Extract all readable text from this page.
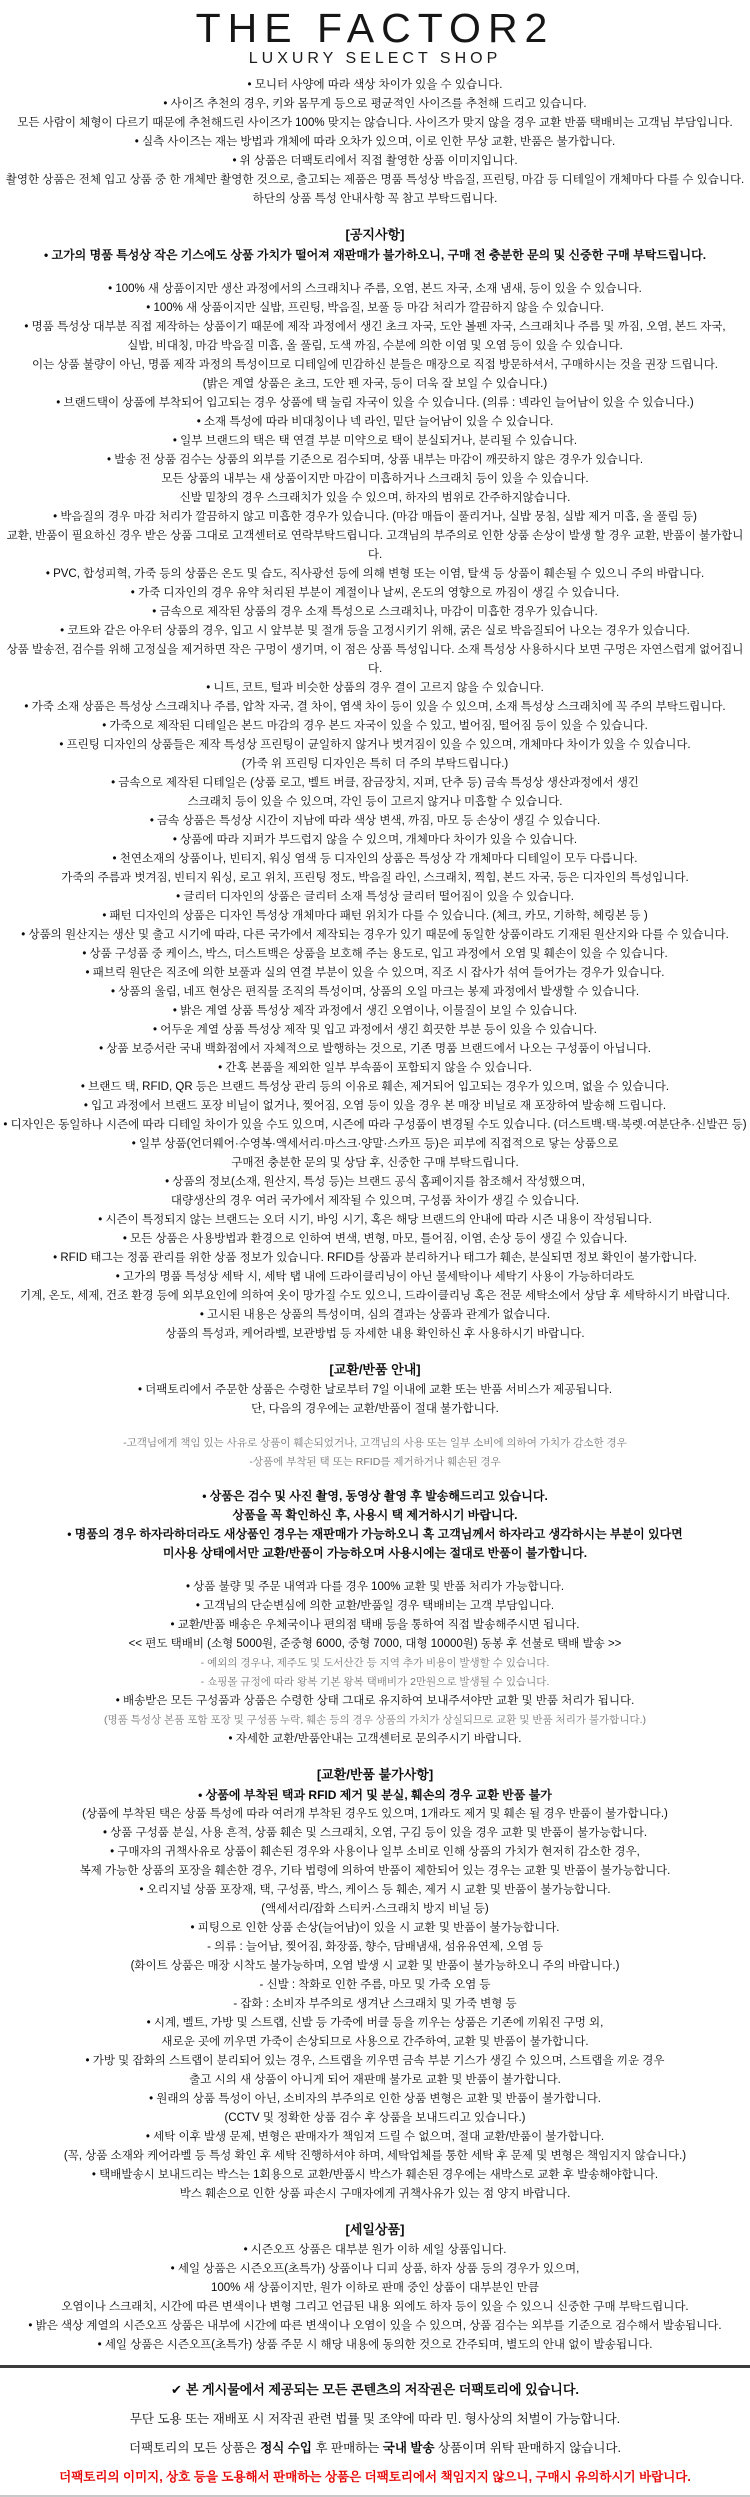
THE FACTOR2
LUXURY SELECT SHOP
• 모니터 사양에 따라 색상 차이가 있을 수 있습니다.
• 사이즈 추천의 경우, 키와 몸무게 등으로 평균적인 사이즈를 추천해 드리고 있습니다.
모든 사람이 체형이 다르기 때문에 추천해드린 사이즈가 100% 맞지는 않습니다. 사이즈가 맞지 않을 경우 교환 반품 택배비는 고객님 부담입니다.
• 실측 사이즈는 재는 방법과 개체에 따라 오차가 있으며, 이로 인한 무상 교환, 반품은 불가합니다.
• 위 상품은 더팩토리에서 직접 촬영한 상품 이미지입니다.
촬영한 상품은 전체 입고 상품 중 한 개체만 촬영한 것으로, 출고되는 제품은 명품 특성상 박음질, 프린팅, 마감 등 디테일이 개체마다 다를 수 있습니다.
하단의 상품 특성 안내사항 꼭 참고 부탁드립니다.
[공지사항]
• 고가의 명품 특성상 작은 기스에도 상품 가치가 떨어져 재판매가 불가하오니, 구매 전 충분한 문의 및 신중한 구매 부탁드립니다.
• 100% 새 상품이지만 생산 과정에서의 스크래치나 주름, 오염, 본드 자국, 소재 냄새, 등이 있을 수 있습니다.
• 100% 새 상품이지만 실밥, 프린팅, 박음질, 보풀 등 마감 처리가 깔끔하지 않을 수 있습니다.
• 명품 특성상 대부분 직접 제작하는 상품이기 때문에 제작 과정에서 생긴 초크 자국, 도안 볼펜 자국, 스크래치나 주름 및 까짐, 오염, 본드 자국,
실밥, 비대칭, 마감 박음질 미흡, 올 풀림, 도색 까짐, 수분에 의한 이염 및 오염 등이 있을 수 있습니다.
이는 상품 불량이 아닌, 명품 제작 과정의 특성이므로 디테일에 민감하신 분들은 매장으로 직접 방문하셔서, 구매하시는 것을 권장 드립니다.
(밝은 계열 상품은 초크, 도안 펜 자국, 등이 더욱 잘 보일 수 있습니다.)
• 브랜드택이 상품에 부착되어 입고되는 경우 상품에 택 눌림 자국이 있을 수 있습니다. (의류 : 넥라인 늘어남이 있을 수 있습니다.)
• 소재 특성에 따라 비대칭이나 넥 라인, 밑단 늘어남이 있을 수 있습니다.
• 일부 브랜드의 택은 택 연결 부분 미약으로 택이 분실되거나, 분리될 수 있습니다.
• 발송 전 상품 검수는 상품의 외부를 기준으로 검수되며, 상품 내부는 마감이 깨끗하지 않은 경우가 있습니다.
모든 상품의 내부는 새 상품이지만 마감이 미흡하거나 스크래치 등이 있을 수 있습니다.
신발 밑창의 경우 스크래치가 있을 수 있으며, 하자의 범위로 간주하지않습니다.
• 박음질의 경우 마감 처리가 깔끔하지 않고 미흡한 경우가 있습니다. (마감 매듭이 풀리거나, 실밥 뭉침, 실밥 제거 미흡, 올 풀림 등)
교환, 반품이 필요하신 경우 받은 상품 그대로 고객센터로 연락부탁드립니다. 고객님의 부주의로 인한 상품 손상이 발생 할 경우 교환, 반품이 불가합니다.
• PVC, 합성피혁, 가죽 등의 상품은 온도 및 습도, 직사광선 등에 의해 변형 또는 이염, 탈색 등 상품이 훼손될 수 있으니 주의 바랍니다.
• 가죽 디자인의 경우 유약 처리된 부분이 계절이나 날씨, 온도의 영향으로 까짐이 생길 수 있습니다.
• 금속으로 제작된 상품의 경우 소재 특성으로 스크래치나, 마감이 미흡한 경우가 있습니다.
• 코트와 같은 아우터 상품의 경우, 입고 시 앞부분 및 절개 등을 고정시키기 위해, 굵은 실로 박음질되어 나오는 경우가 있습니다.
상품 발송전, 검수를 위해 고정실을 제거하면 작은 구멍이 생기며, 이 점은 상품 특성입니다. 소재 특성상 사용하시다 보면 구멍은 자연스럽게 없어집니다.
• 니트, 코트, 털과 비슷한 상품의 경우 결이 고르지 않을 수 있습니다.
• 가죽 소재 상품은 특성상 스크래치나 주름, 압착 자국, 결 차이, 염색 차이 등이 있을 수 있으며, 소재 특성상 스크래치에 꼭 주의 부탁드립니다.
• 가죽으로 제작된 디테일은 본드 마감의 경우 본드 자국이 있을 수 있고, 벌어짐, 떨어짐 등이 있을 수 있습니다.
• 프린팅 디자인의 상품들은 제작 특성상 프린팅이 균일하지 않거나 벗겨짐이 있을 수 있으며, 개체마다 차이가 있을 수 있습니다.
(가죽 위 프린팅 디자인은 특히 더 주의 부탁드립니다.)
• 금속으로 제작된 디테일은 (상품 로고, 벨트 버클, 잠금장치, 지퍼, 단추 등) 금속 특성상 생산과정에서 생긴
스크래치 등이 있을 수 있으며, 각인 등이 고르지 않거나 미흡할 수 있습니다.
• 금속 상품은 특성상 시간이 지남에 따라 색상 변색, 까짐, 마모 등 손상이 생길 수 있습니다.
• 상품에 따라 지퍼가 부드럽지 않을 수 있으며, 개체마다 차이가 있을 수 있습니다.
• 천연소재의 상품이나, 빈티지, 워싱 염색 등 디자인의 상품은 특성상 각 개체마다 디테일이 모두 다릅니다.
가죽의 주름과 벗겨짐, 빈티지 워싱, 로고 위치, 프린팅 정도, 박음질 라인, 스크래치, 찍힘, 본드 자국, 등은 디자인의 특성입니다.
• 글리터 디자인의 상품은 글리터 소재 특성상 글리터 떨어짐이 있을 수 있습니다.
• 패턴 디자인의 상품은 디자인 특성상 개체마다 패턴 위치가 다를 수 있습니다. (체크, 카모, 기하학, 헤링본 등 )
• 상품의 원산지는 생산 및 출고 시기에 따라, 다른 국가에서 제작되는 경우가 있기 때문에 동일한 상품이라도 기재된 원산지와 다를 수 있습니다.
• 상품 구성품 중 케이스, 박스, 더스트백은 상품을 보호해 주는 용도로, 입고 과정에서 오염 및 훼손이 있을 수 있습니다.
• 패브릭 원단은 직조에 의한 보풀과 실의 연결 부분이 있을 수 있으며, 직조 시 잡사가 섞여 들어가는 경우가 있습니다.
• 상품의 울림, 네프 현상은 편직물 조직의 특성이며, 상품의 오일 마크는 봉제 과정에서 발생할 수 있습니다.
• 밝은 계열 상품 특성상 제작 과정에서 생긴 오염이나, 이물질이 보일 수 있습니다.
• 어두운 계열 상품 특성상 제작 및 입고 과정에서 생긴 희끗한 부분 등이 있을 수 있습니다.
• 상품 보증서란 국내 백화점에서 자체적으로 발행하는 것으로, 기존 명품 브랜드에서 나오는 구성품이 아닙니다.
• 간혹 본품을 제외한 일부 부속품이 포함되지 않을 수 있습니다.
• 브랜드 택, RFID, QR 등은 브랜드 특성상 관리 등의 이유로 훼손, 제거되어 입고되는 경우가 있으며, 없을 수 있습니다.
• 입고 과정에서 브랜드 포장 비닐이 없거나, 찢어짐, 오염 등이 있을 경우 본 매장 비닐로 재 포장하여 발송해 드립니다.
• 디자인은 동일하나 시즌에 따라 디테일 차이가 있을 수도 있으며, 시즌에 따라 구성품이 변경될 수도 있습니다. (더스트백·택·북렛·여분단추·신발끈 등)
• 일부 상품(언더웨어·수영복·액세서리·마스크·양말·스카프 등)은 피부에 직접적으로 닿는 상품으로
구매전 충분한 문의 및 상담 후, 신중한 구매 부탁드립니다.
• 상품의 정보(소재, 원산지, 특성 등)는 브랜드 공식 홈페이지를 참조해서 작성했으며,
대량생산의 경우 여러 국가에서 제작될 수 있으며, 구성품 차이가 생길 수 있습니다.
• 시즌이 특정되지 않는 브랜드는 오더 시기, 바잉 시기, 혹은 해당 브랜드의 안내에 따라 시즌 내용이 작성됩니다.
• 모든 상품은 사용방법과 환경으로 인하여 변색, 변형, 마모, 틀어짐, 이염, 손상 등이 생길 수 있습니다.
• RFID 태그는 정품 관리를 위한 상품 정보가 있습니다. RFID를 상품과 분리하거나 태그가 훼손, 분실되면 정보 확인이 불가합니다.
• 고가의 명품 특성상 세탁 시, 세탁 탭 내에 드라이클리닝이 아닌 물세탁이나 세탁기 사용이 가능하더라도
기계, 온도, 세제, 건조 환경 등에 외부요인에 의하여 옷이 망가질 수도 있으니, 드라이클리닝 혹은 전문 세탁소에서 상담 후 세탁하시기 바랍니다.
• 고시된 내용은 상품의 특성이며, 심의 결과는 상품과 관계가 없습니다.
상품의 특성과, 케어라벨, 보관방법 등 자세한 내용 확인하신 후 사용하시기 바랍니다.
[교환/반품 안내]
• 더팩토리에서 주문한 상품은 수령한 날로부터 7일 이내에 교환 또는 반품 서비스가 제공됩니다.
단, 다음의 경우에는 교환/반품이 절대 불가합니다.
-고객님에게 책임 있는 사유로 상품이 훼손되었거나, 고객님의 사용 또는 일부 소비에 의하여 가치가 감소한 경우
-상품에 부착된 택 또는 RFID를 제거하거나 훼손된 경우
• 상품은 검수 및 사진 촬영, 동영상 촬영 후 발송해드리고 있습니다.
상품을 꼭 확인하신 후, 사용시 택 제거하시기 바랍니다.
• 명품의 경우 하자라하더라도 새상품인 경우는 재판매가 가능하오니 혹 고객님께서 하자라고 생각하시는 부분이 있다면
미사용 상태에서만 교환/반품이 가능하오며 사용시에는 절대로 반품이 불가합니다.
• 상품 불량 및 주문 내역과 다를 경우 100% 교환 및 반품 처리가 가능합니다.
• 고객님의 단순변심에 의한 교환/반품일 경우 택배비는 고객 부담입니다.
• 교환/반품 배송은 우체국이나 편의점 택배 등을 통하여 직접 발송해주시면 됩니다.
<< 편도 택배비 (소형 5000원, 준중형 6000, 중형 7000, 대형 10000원) 동봉 후 선불로 택배 발송 >>
- 예외의 경우나, 제주도 및 도서산간 등 지역 추가 비용이 발생할 수 있습니다.
- 쇼핑몰 규정에 따라 왕복 기본 왕복 택배비가 2만원으로 발생될 수 있습니다.
• 배송받은 모든 구성품과 상품은 수령한 상태 그대로 유지하여 보내주셔야만 교환 및 반품 처리가 됩니다.
(명품 특성상 본품 포함 포장 및 구성품 누락, 훼손 등의 경우 상품의 가치가 상실되므로 교환 및 반품 처리가 불가합니다.)
• 자세한 교환/반품안내는 고객센터로 문의주시기 바랍니다.
[교환/반품 불가사항]
• 상품에 부착된 택과 RFID 제거 및 분실, 훼손의 경우 교환 반품 불가
(상품에 부착된 택은 상품 특성에 따라 여러개 부착된 경우도 있으며, 1개라도 제거 및 훼손 될 경우 반품이 불가합니다.)
• 상품 구성품 분실, 사용 흔적, 상품 훼손 및 스크래치, 오염, 구김 등이 있을 경우 교환 및 반품이 불가능합니다.
• 구매자의 귀책사유로 상품이 훼손된 경우와 사용이나 일부 소비로 인해 상품의 가치가 현저히 감소한 경우,
복제 가능한 상품의 포장을 훼손한 경우, 기타 법령에 의하여 반품이 제한되어 있는 경우는 교환 및 반품이 불가능합니다.
• 오리지널 상품 포장재, 택, 구성품, 박스, 케이스 등 훼손, 제거 시 교환 및 반품이 불가능합니다.
(액세서리/잡화 스티커·스크래치 방지 비닐 등)
• 피팅으로 인한 상품 손상(늘어남)이 있을 시 교환 및 반품이 불가능합니다.
- 의류 : 늘어남, 찢어짐, 화장품, 향수, 담배냄새, 섬유유연제, 오염 등
(화이트 상품은 매장 시착도 불가능하며, 오염 발생 시 교환 및 반품이 불가능하오니 주의 바랍니다.)
- 신발 : 착화로 인한 주름, 마모 및 가죽 오염 등
- 잡화 : 소비자 부주의로 생겨난 스크래치 및 가죽 변형 등
• 시계, 벨트, 가방 및 스트랩, 신발 등 가죽에 버클 등을 끼우는 상품은 기존에 끼워진 구멍 외,
새로운 곳에 끼우면 가죽이 손상되므로 사용으로 간주하여, 교환 및 반품이 불가합니다.
• 가방 및 잡화의 스트랩이 분리되어 있는 경우, 스트랩을 끼우면 금속 부분 기스가 생길 수 있으며, 스트랩을 끼운 경우
출고 시의 새 상품이 아니게 되어 재판매 불가로 교환 및 반품이 불가합니다.
• 원래의 상품 특성이 아닌, 소비자의 부주의로 인한 상품 변형은 교환 및 반품이 불가합니다.
(CCTV 및 정확한 상품 검수 후 상품을 보내드리고 있습니다.)
• 세탁 이후 발생 문제, 변형은 판매자가 책임져 드릴 수 없으며, 절대 교환/반품이 불가합니다.
(꼭, 상품 소재와 케어라벨 등 특성 확인 후 세탁 진행하셔야 하며, 세탁업체를 통한 세탁 후 문제 및 변형은 책임지지 않습니다.)
• 택배발송시 보내드리는 박스는 1회용으로 교환/반품시 박스가 훼손된 경우에는 새박스로 교환 후 발송해야합니다.
박스 훼손으로 인한 상품 파손시 구매자에게 귀책사유가 있는 점 양지 바랍니다.
[세일상품]
• 시즌오프 상품은 대부분 원가 이하 세일 상품입니다.
• 세일 상품은 시즌오프(초특가) 상품이나 디피 상품, 하자 상품 등의 경우가 있으며,
100% 새 상품이지만, 원가 이하로 판매 중인 상품이 대부분인 만큼
오염이나 스크래치, 시간에 따른 변색이나 변형 그리고 언급된 내용 외에도 하자 등이 있을 수 있으니 신중한 구매 부탁드립니다.
• 밝은 색상 계열의 시즌오프 상품은 내부에 시간에 따른 변색이나 오염이 있을 수 있으며, 상품 검수는 외부를 기준으로 검수해서 발송됩니다.
• 세일 상품은 시즌오프(초특가) 상품 주문 시 해당 내용에 동의한 것으로 간주되며, 별도의 안내 없이 발송됩니다.
✔ 본 게시물에서 제공되는 모든 콘텐츠의 저작권은 더팩토리에 있습니다.
무단 도용 또는 재배포 시 저작권 관련 법률 및 조약에 따라 민. 형사상의 처벌이 가능합니다.
더팩토리의 모든 상품은 정식 수입 후 판매하는 국내 발송 상품이며 위탁 판매하지 않습니다.
더팩토리의 이미지, 상호 등을 도용해서 판매하는 상품은 더팩토리에서 책임지지 않으니, 구매시 유의하시기 바랍니다.
